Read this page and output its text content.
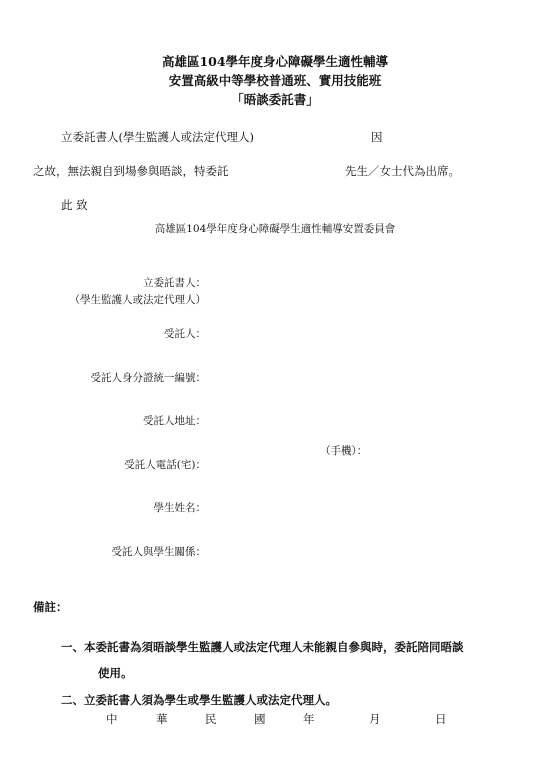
高雄區104學年度身心障礙學生適性輔導
安置高級中等學校普通班、實用技能班
「晤談委託書」
立委託書人(學生監護人或法定代理人)	因
之故，無法親自到場參與晤談，特委託	先生／女士代為出席。
此 致
高雄區104學年度身心障礙學生適性輔導安置委員會
立委託書人：
（學生監護人或法定代理人）
受託人：
受託人身分證統一編號：
受託人地址：
（手機）：
受託人電話(宅)：
學生姓名：
受託人與學生關係：
備註：
一、本委託書為須晤談學生監護人或法定代理人未能親自參與時，委託陪同晤談
使用。
二、立委託書人須為學生或學生監護人或法定代理人。
中	華	民	國	年	月	日
